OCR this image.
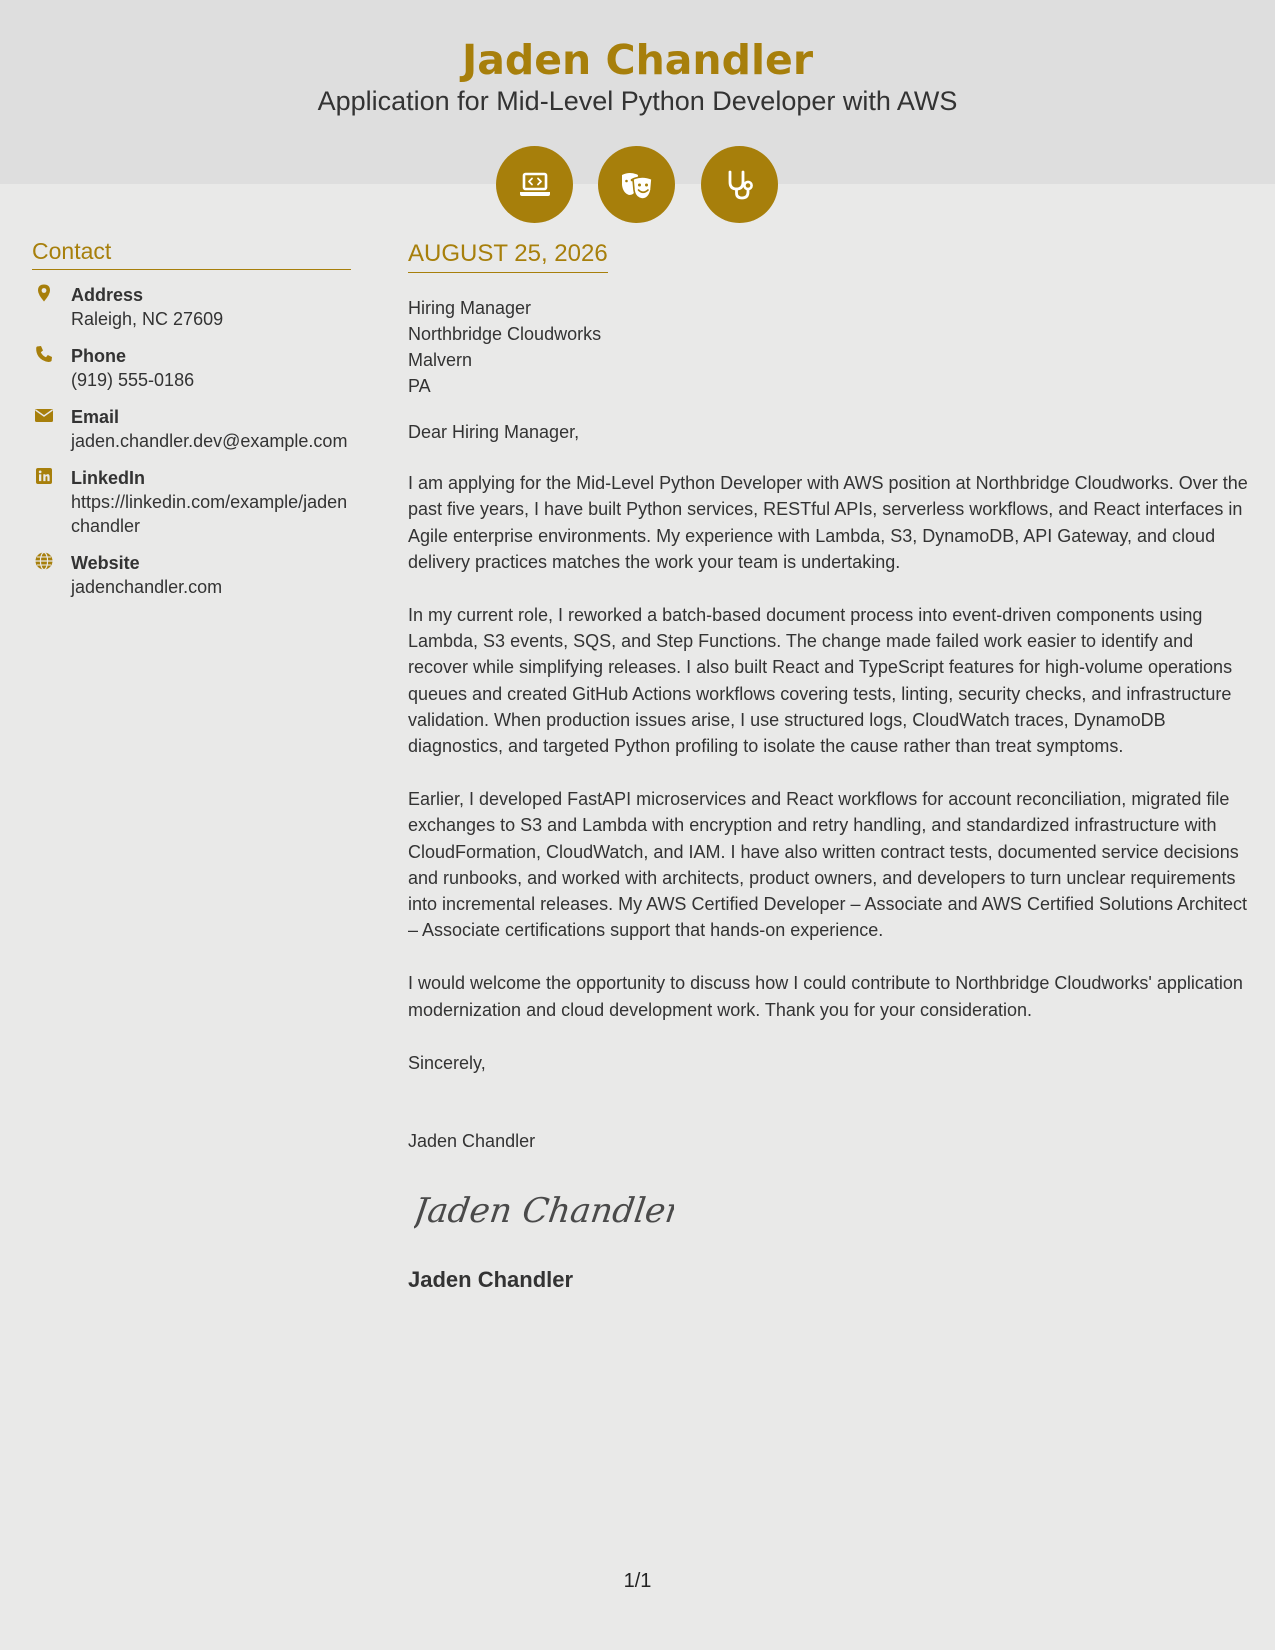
Jaden Chandler
Application for Mid-Level Python Developer with AWS
Contact
Address
Raleigh, NC 27609
Phone
(919) 555-0186
Email
jaden.chandler.dev@example.com
LinkedIn
https://linkedin.com/example/jadenchandler
Website
jadenchandler.com
AUGUST 25, 2026
Hiring Manager
Northbridge Cloudworks
Malvern
PA

Dear Hiring Manager,

I am applying for the Mid-Level Python Developer with AWS position at Northbridge Cloudworks. Over the past five years, I have built Python services, RESTful APIs, serverless workflows, and React interfaces in Agile enterprise environments. My experience with Lambda, S3, DynamoDB, API Gateway, and cloud delivery practices matches the work your team is undertaking.

In my current role, I reworked a batch-based document process into event-driven components using Lambda, S3 events, SQS, and Step Functions. The change made failed work easier to identify and recover while simplifying releases. I also built React and TypeScript features for high-volume operations queues and created GitHub Actions workflows covering tests, linting, security checks, and infrastructure validation. When production issues arise, I use structured logs, CloudWatch traces, DynamoDB diagnostics, and targeted Python profiling to isolate the cause rather than treat symptoms.

Earlier, I developed FastAPI microservices and React workflows for account reconciliation, migrated file exchanges to S3 and Lambda with encryption and retry handling, and standardized infrastructure with CloudFormation, CloudWatch, and IAM. I have also written contract tests, documented service decisions and runbooks, and worked with architects, product owners, and developers to turn unclear requirements into incremental releases. My AWS Certified Developer – Associate and AWS Certified Solutions Architect – Associate certifications support that hands-on experience.

I would welcome the opportunity to discuss how I could contribute to Northbridge Cloudworks' application modernization and cloud development work. Thank you for your consideration.

Sincerely,
Jaden Chandler
Jaden Chandler
Jaden Chandler
1/1
